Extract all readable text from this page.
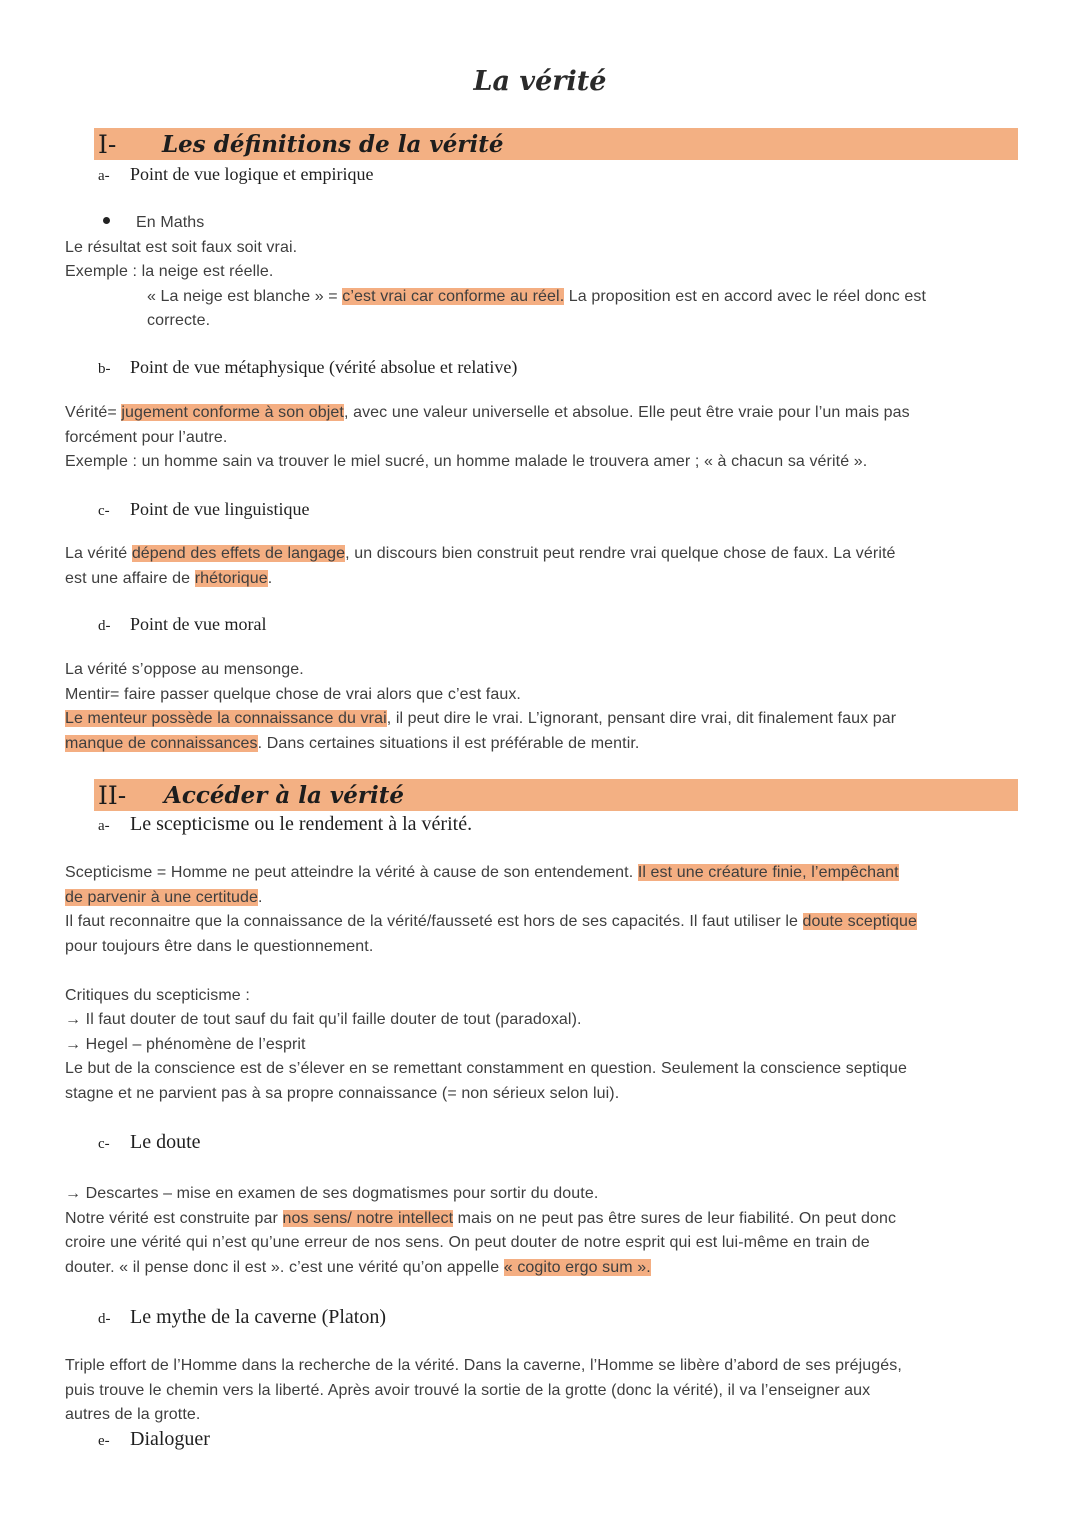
La vérité
I- Les définitions de la vérité
a- Point de vue logique et empirique

En Maths

Le résultat est soit faux soit vrai.

Exemple : la neige est réelle.

« La neige est blanche » = c’est vrai car conforme au réel. La proposition est en accord avec le réel donc est

correcte.

b- Point de vue métaphysique (vérité absolue et relative)

Vérité= jugement conforme à son objet, avec une valeur universelle et absolue. Elle peut être vraie pour l’un mais pas

forcément pour l’autre.

Exemple : un homme sain va trouver le miel sucré, un homme malade le trouvera amer ; « à chacun sa vérité ».

c- Point de vue linguistique

La vérité dépend des effets de langage, un discours bien construit peut rendre vrai quelque chose de faux. La vérité

est une affaire de rhétorique.

d- Point de vue moral

La vérité s’oppose au mensonge.

Mentir= faire passer quelque chose de vrai alors que c’est faux.

Le menteur possède la connaissance du vrai, il peut dire le vrai. L’ignorant, pensant dire vrai, dit finalement faux par

manque de connaissances. Dans certaines situations il est préférable de mentir.

II- Accéder à la vérité
a- Le scepticisme ou le rendement à la vérité.

Scepticisme = Homme ne peut atteindre la vérité à cause de son entendement. Il est une créature finie, l’empêchant

de parvenir à une certitude.

Il faut reconnaitre que la connaissance de la vérité/fausseté est hors de ses capacités. Il faut utiliser le doute sceptique

pour toujours être dans le questionnement.

Critiques du scepticisme :

→ Il faut douter de tout sauf du fait qu’il faille douter de tout (paradoxal).

→ Hegel – phénomène de l’esprit

Le but de la conscience est de s’élever en se remettant constamment en question. Seulement la conscience septique

stagne et ne parvient pas à sa propre connaissance (= non sérieux selon lui).

c- Le doute

→ Descartes – mise en examen de ses dogmatismes pour sortir du doute.

Notre vérité est construite par nos sens/ notre intellect mais on ne peut pas être sures de leur fiabilité. On peut donc

croire une vérité qui n’est qu’une erreur de nos sens. On peut douter de notre esprit qui est lui-même en train de

douter. « il pense donc il est ». c’est une vérité qu’on appelle « cogito ergo sum ».

d- Le mythe de la caverne (Platon)

Triple effort de l’Homme dans la recherche de la vérité. Dans la caverne, l’Homme se libère d’abord de ses préjugés,

puis trouve le chemin vers la liberté. Après avoir trouvé la sortie de la grotte (donc la vérité), il va l’enseigner aux

autres de la grotte.

e- Dialoguer
